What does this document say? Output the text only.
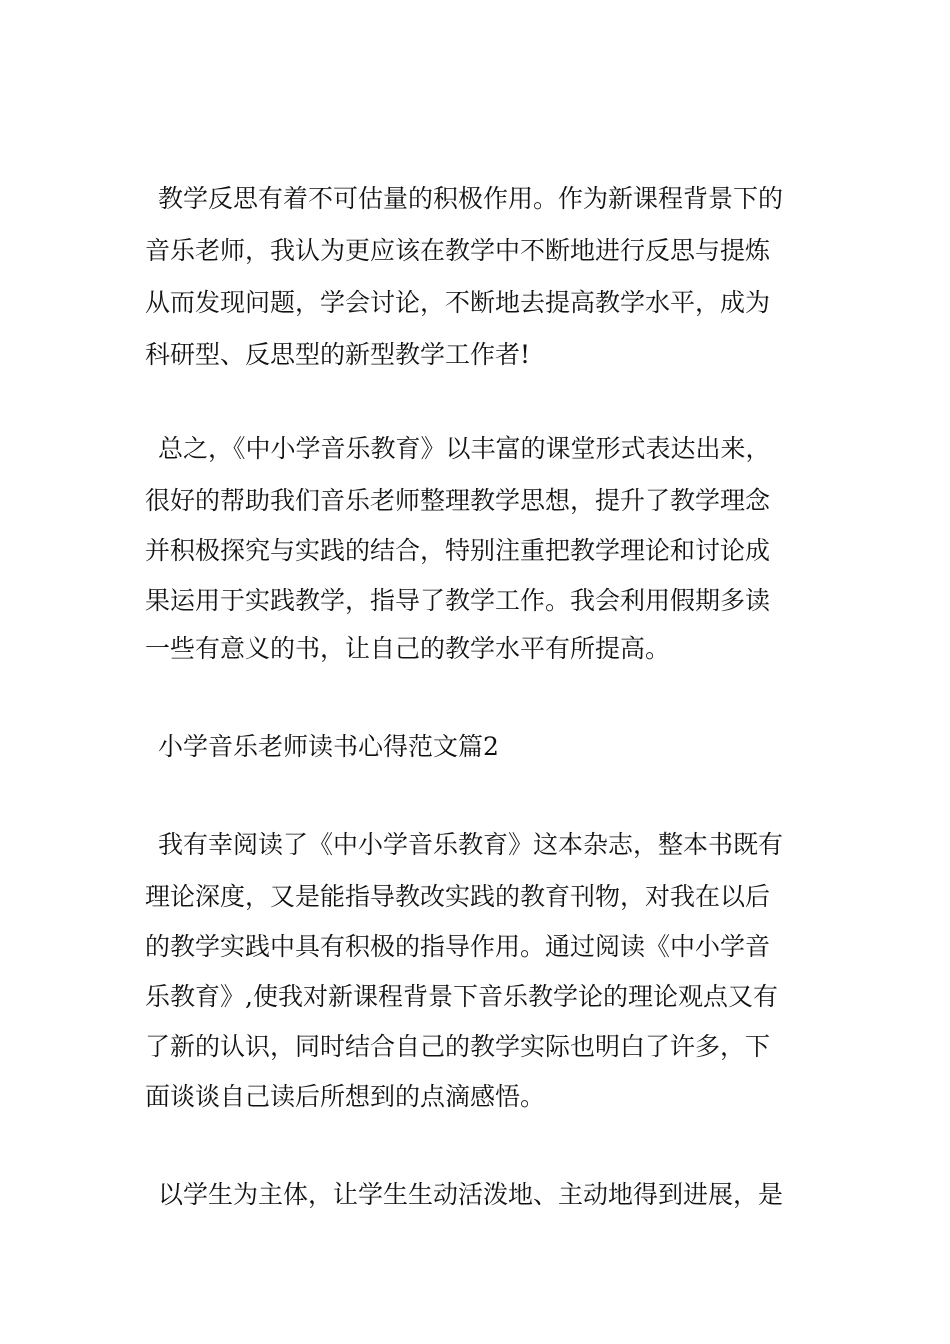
教学反思有着不可估量的积极作用。作为新课程背景下的
音乐老师，我认为更应该在教学中不断地进行反思与提炼
从而发现问题，学会讨论，不断地去提高教学水平，成为
科研型、反思型的新型教学工作者!
总之，《中小学音乐教育》以丰富的课堂形式表达出来，
很好的帮助我们音乐老师整理教学思想，提升了教学理念
并积极探究与实践的结合，特别注重把教学理论和讨论成
果运用于实践教学，指导了教学工作。我会利用假期多读
一些有意义的书，让自己的教学水平有所提高。
小学音乐老师读书心得范文篇2
我有幸阅读了《中小学音乐教育》这本杂志，整本书既有
理论深度，又是能指导教改实践的教育刊物，对我在以后
的教学实践中具有积极的指导作用。通过阅读《中小学音
乐教育》,使我对新课程背景下音乐教学论的理论观点又有
了新的认识，同时结合自己的教学实际也明白了许多，下
面谈谈自己读后所想到的点滴感悟。
以学生为主体，让学生生动活泼地、主动地得到进展，是
